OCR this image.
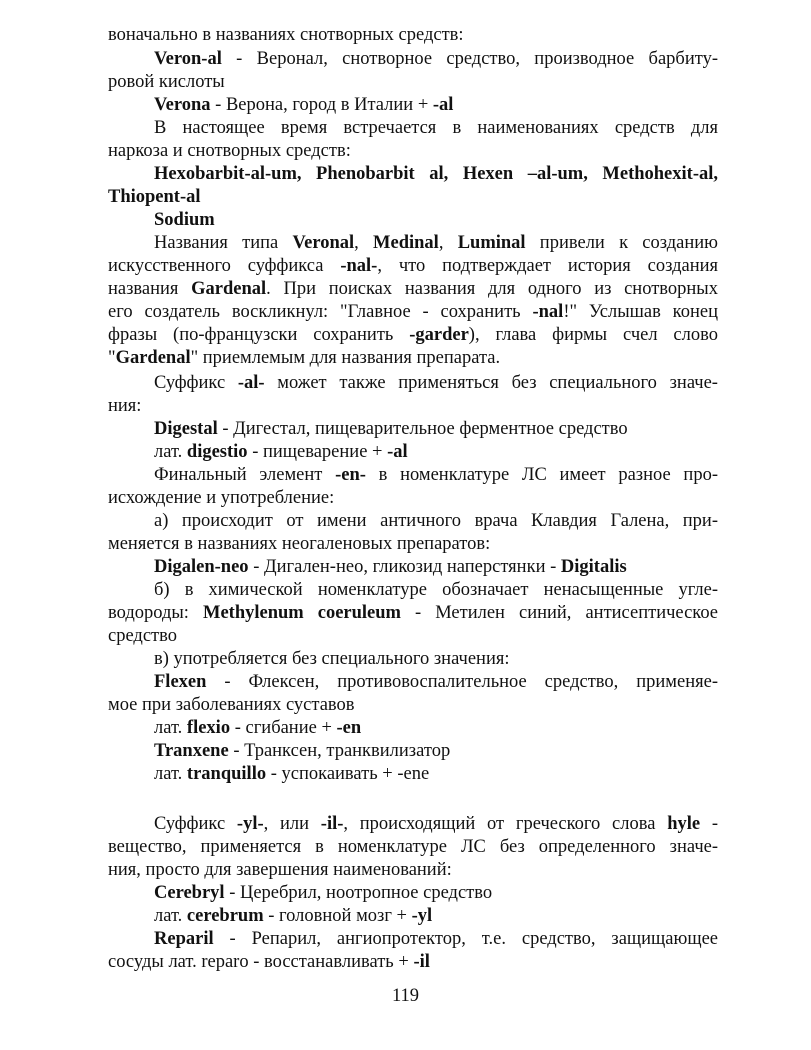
воначально в названиях снотворных средств:
Veron-al - Веронал, снотворное средство, производное барбиту-
ровой кислоты
Verona - Верона, город в Италии + -al
В настоящее время встречается в наименованиях средств для
наркоза и снотворных средств:
Hexobarbit-al-um, Phenobarbit al, Hexen –al-um, Methohexit-al,
Thiopent-al
Sodium
Названия типа Veronal, Medinal, Luminal привели к созданию
искусственного суффикса -nal-, что подтверждает история создания
названия Gardenal. При поисках названия для одного из снотворных
его создатель воскликнул: "Главное - сохранить -nal!" Услышав конец
фразы (по-французски сохранить -garder), глава фирмы счел слово
"Gardenal" приемлемым для названия препарата.
Суффикс -al- может также применяться без специального значе-
ния:
Digestal - Дигестал, пищеварительное ферментное средство
лат. digestio - пищеварение + -al
Финальный элемент -en- в номенклатуре ЛС имеет разное про-
исхождение и употребление:
а) происходит от имени античного врача Клавдия Галена, при-
меняется в названиях неогаленовых препаратов:
Digalen-neo - Дигален-нео, гликозид наперстянки - Digitalis
б) в химической номенклатуре обозначает ненасыщенные угле-
водороды: Methylenum coeruleum - Метилен синий, антисептическое
средство
в) употребляется без специального значения:
Flexen - Флексен, противовоспалительное средство, применяе-
мое при заболеваниях суставов
лат. flexio - сгибание + -en
Tranxene - Транксен, транквилизатор
лат. tranquillo - успокаивать + -ene
Суффикс -yl-, или -il-, происходящий от греческого слова hyle -
вещество, применяется в номенклатуре ЛС без определенного значе-
ния, просто для завершения наименований:
Cerebryl - Церебрил, ноотропное средство
лат. cerebrum - головной мозг + -yl
Reparil - Репарил, ангиопротектор, т.е. средство, защищающее
сосуды лат. reparo - восстанавливать + -il
119
